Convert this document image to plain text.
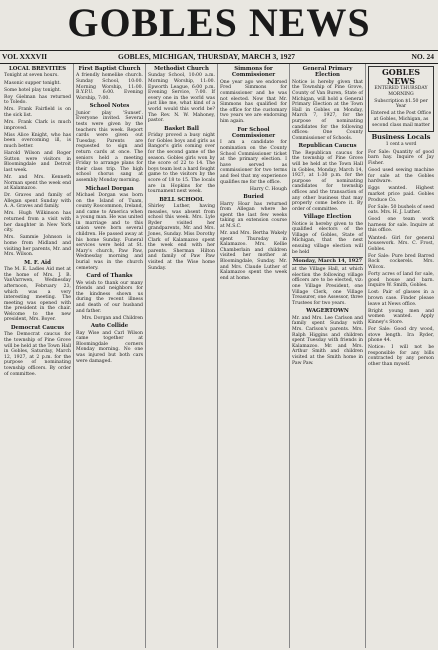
GOBLES NEWS
VOL XXXVII	GOBLES, MICHIGAN, THURSDAY, MARCH 3, 1927	NO. 24
LOCAL BREVITIES

Tonight at seven hours.

Masonic supper tonight.

Some hotel play tonight.

Roy Gielman has returned to Toledo.

Mrs. Frank Fairfield is on the sick list.

Mrs. Frank Clark is much improved.

Miss Alice Knight, who has been overcoming ill, is much better.

Harold Wilson and Roger Sutton were visitors in Bloomingdale and Detroit last week.

Mr. and Mrs. Kenneth Norman spent the week end at Kalamazoo.

Dr. Graves and family of Allegan spent Sunday with A. A. Graves and family.

Mrs. Hugh Wilkinson has returned from a visit with her daughter in New York city.

Mrs. Sammie Johnson is home from Midland and visiting her parents, Mr. and Mrs. Wilson.

M. F. Aid

The M. E. Ladies Aid met at the home of Mrs. J. B. VanVarrwen, Wednesday afternoon, February 23, which was a very interesting meeting. The meeting was opened with the president in the chair. Welcome to the new president, Mrs. Boyer.

Democrat Caucus

The Democrat caucus for the township of Pine Grove will be held at the Town Hall in Gobles, Saturday, March 12, 1927, at 2 p.m. for the purpose of nominating township officers. By order of committee.

First Baptist Church

A friendly homelike church. Sunday School, 10:00. Morning Worship, 11:00. B.Y.P.U. 6:00. Evening Worship, 7:00.

School Notes

Junior play 'Sunset'. Everyone invited. Several tests were given by the teachers this week. Report cards were given out Tuesday. Parents are requested to sign and return cards at once. The seniors held a meeting Friday to arrange plans for their class trip. The high school chorus sang at assembly Monday morning.

Michael Dorgan

Michael Dorgan was born on the Island of Tuam, county Roscommon, Ireland, and came to America when a young man. He was united in marriage and to this union were born several children. He passed away at his home Sunday. Funeral services were held at St. Mary's church, Paw Paw, Wednesday morning and burial was in the church cemetery.

Card of Thanks

We wish to thank our many friends and neighbors for the kindness shown us during the recent illness and death of our husband and father.

Mrs. Dorgan and Children

Auto Collide

Ray Wise and Carl Wilson came together at Bloomingdale corners Monday morning. No one was injured but both cars were damaged.

Methodist Church

Sunday School, 10:00 a.m. Morning Worship, 11:00. Epworth League, 6:00 p.m. Evening Service, 7:00. If every one in the world was just like me, what kind of a world would this world be? The Rev. N. W. Mahoney, pastor.

Basket Ball

Friday proved a busy night for Gobles boys and girls as Bangor's girls coming over for the second game of the season. Gobles girls won by the score of 22 to 14. The boys team lost a hard fought game to the visitors by the score of 18 to 15. The locals are in Hopkins for the tournament next week.

BELL SCHOOL

Shirley Luther, having measles, was absent from school this week. Mrs. Lyle Ryder visited her grandparents, Mr. and Mrs. Jones, Sunday. Miss Dorothy Clark of Kalamazoo spent the week end with her parents. Sherman Hilton and family of Paw Paw visited at the Wise home Sunday.

Simmons for Commissioner

One year ago we endorsed Fred Simmons for commissioner and he was not elected. Now that Mr. Simmons has qualified for the office for the customary two years we are endorsing him again.

For School Commissioner

I am a candidate for nomination on the County School Commissioner ticket at the primary election. I have served as commissioner for two terms and feel that my experience qualifies me for the office.

Harry C. Hough

Buried

Harry Hoar has returned from Allegan where he spent the last few weeks taking an extension course at M.S.C.

Mr. and Mrs. Bertha Wakely spent Thursday in Kalamazoo. Mrs. Kellie Chamberlain and children visited her mother at Bloomingdale, Sunday. Mr. and Mrs. Claude Luther of Kalamazoo spent the week end at home.

General Primary Election

Notice is hereby given that the Township of Pine Grove, County of Van Buren, State of Michigan, will hold a General Primary Election at the Town Hall in Gobles on Monday, March 7, 1927, for the purpose of nominating candidates for the following offices: One County Commissioner of Schools.

Republican Caucus

The Republican caucus for the township of Pine Grove will be held at the Town Hall in Gobles, Monday, March 14, 1927, at 1:30 p.m. for the purpose of nominating candidates for township offices and the transaction of any other business that may properly come before it. By order of committee.

Village Election

Notice is hereby given to the qualified electors of the Village of Gobles, State of Michigan, that the next ensuing village election will be held

Monday, March 14, 1927

at the Village Hall, at which election the following village officers are to be elected, viz: one Village President, one Village Clerk, one Village Treasurer, one Assessor, three Trustees for two years.

WAGERTOWN

Mr. and Mrs. Lee Carlson and family spent Sunday with Mrs. Carlson's parents. Mrs. Ralph Higgins and children spent Tuesday with friends in Kalamazoo. Mr. and Mrs. Arthur Smith and children visited at the Smith home in Paw Paw.

GOBLES NEWS

ENTERED THURSDAY MORNING

Subscription $1.50 per Year

Entered at the Post Office at Gobles, Michigan, as second class mail matter

Business Locals
1 cent a word

For Sale: Quantity of good barn hay. Inquire of Jay Fisher.

Good used sewing machine for sale at the Gobles hardware.

Eggs wanted. Highest market price paid. Gobles Produce Co.

For Sale: 50 bushels of seed oats. Mrs. H. J. Luther.

Good one team work harness for sale. Inquire at this office.

Wanted: Girl for general housework. Mrs. C. Frost, Gobles.

For Sale: Pure bred Barred Rock cockerels. Mrs. Wilcox.

Forty acres of land for sale, good house and barn. Inquire W. Smith, Gobles.

Lost: Pair of glasses in a brown case. Finder please leave at News office.

Bright young men and women wanted. Apply Kinney's Store.

For Sale: Good dry wood, stove length. Ira Ryder, phone 44.

Notice: I will not be responsible for any bills contracted by any person other than myself.
